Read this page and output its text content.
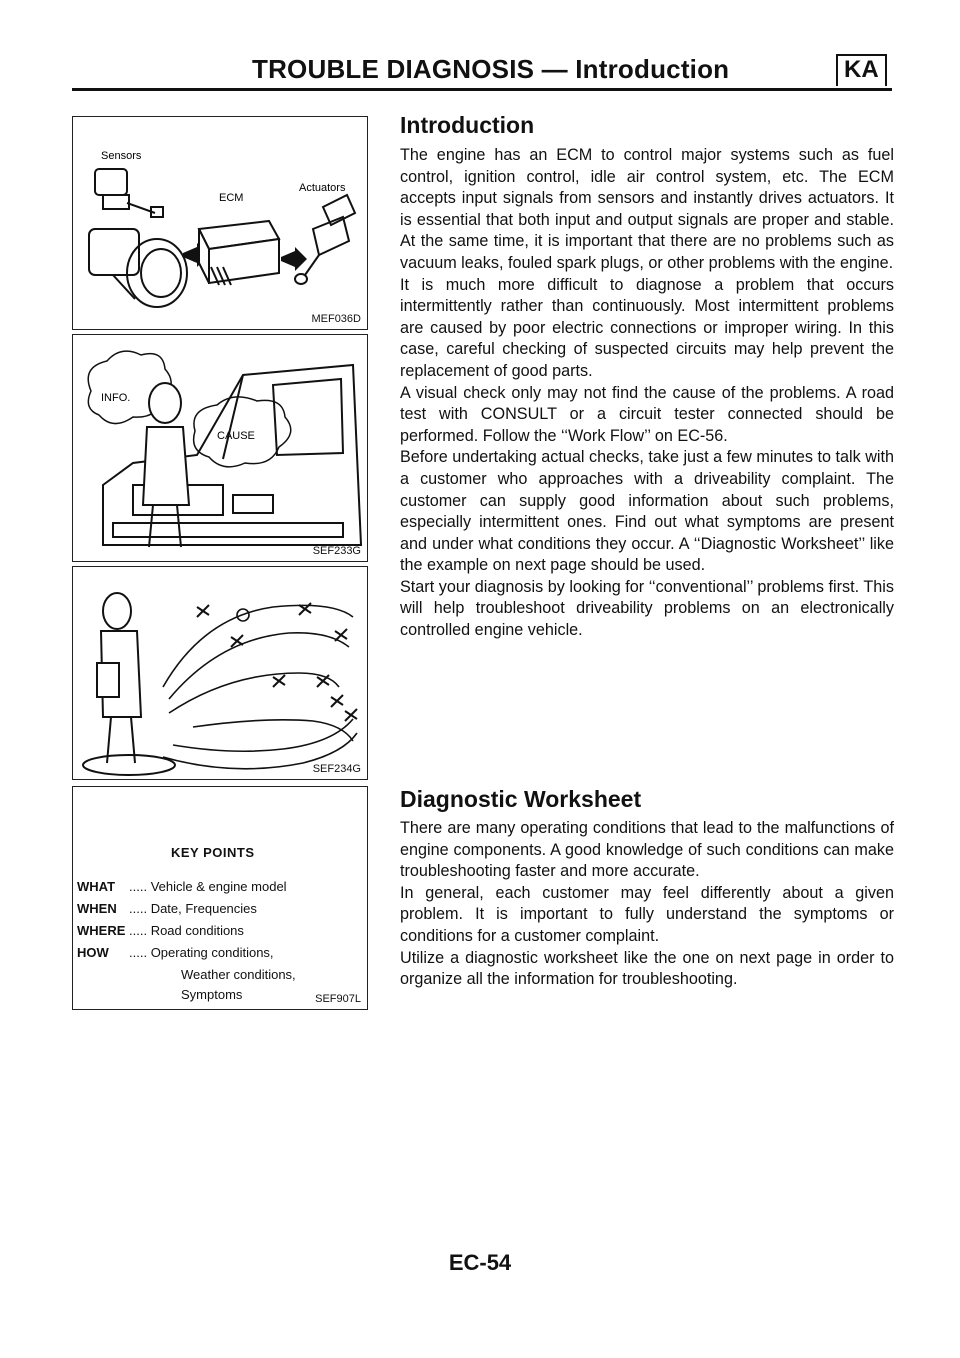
TROUBLE DIAGNOSIS — Introduction	KA
Sensors
ECM
Actuators
MEF036D
INFO.
CAUSE
SEF233G
SEF234G
KEY POINTS
WHAT ..... Vehicle & engine model
WHEN ..... Date, Frequencies
WHERE ..... Road conditions
HOW ..... Operating conditions,
Weather conditions,
Symptoms	SEF907L
Introduction

The engine has an ECM to control major systems such as fuel control, ignition control, idle air control system, etc. The ECM accepts input signals from sensors and instantly drives actuators. It is essential that both input and output signals are proper and stable. At the same time, it is important that there are no problems such as vacuum leaks, fouled spark plugs, or other problems with the engine.

It is much more difficult to diagnose a problem that occurs intermittently rather than continuously. Most intermittent problems are caused by poor electric connections or improper wiring. In this case, careful checking of suspected circuits may help prevent the replacement of good parts.

A visual check only may not find the cause of the problems. A road test with CONSULT or a circuit tester connected should be performed. Follow the ‘‘Work Flow’’ on EC-56.

Before undertaking actual checks, take just a few minutes to talk with a customer who approaches with a driveability complaint. The customer can supply good information about such problems, especially intermittent ones. Find out what symptoms are present and under what conditions they occur. A ‘‘Diagnostic Worksheet’’ like the example on next page should be used.

Start your diagnosis by looking for ‘‘conventional’’ problems first. This will help troubleshoot driveability problems on an electronically controlled engine vehicle.

Diagnostic Worksheet

There are many operating conditions that lead to the malfunctions of engine components. A good knowledge of such conditions can make troubleshooting faster and more accurate.

In general, each customer may feel differently about a given problem. It is important to fully understand the symptoms or conditions for a customer complaint.

Utilize a diagnostic worksheet like the one on next page in order to organize all the information for troubleshooting.

EC-54
